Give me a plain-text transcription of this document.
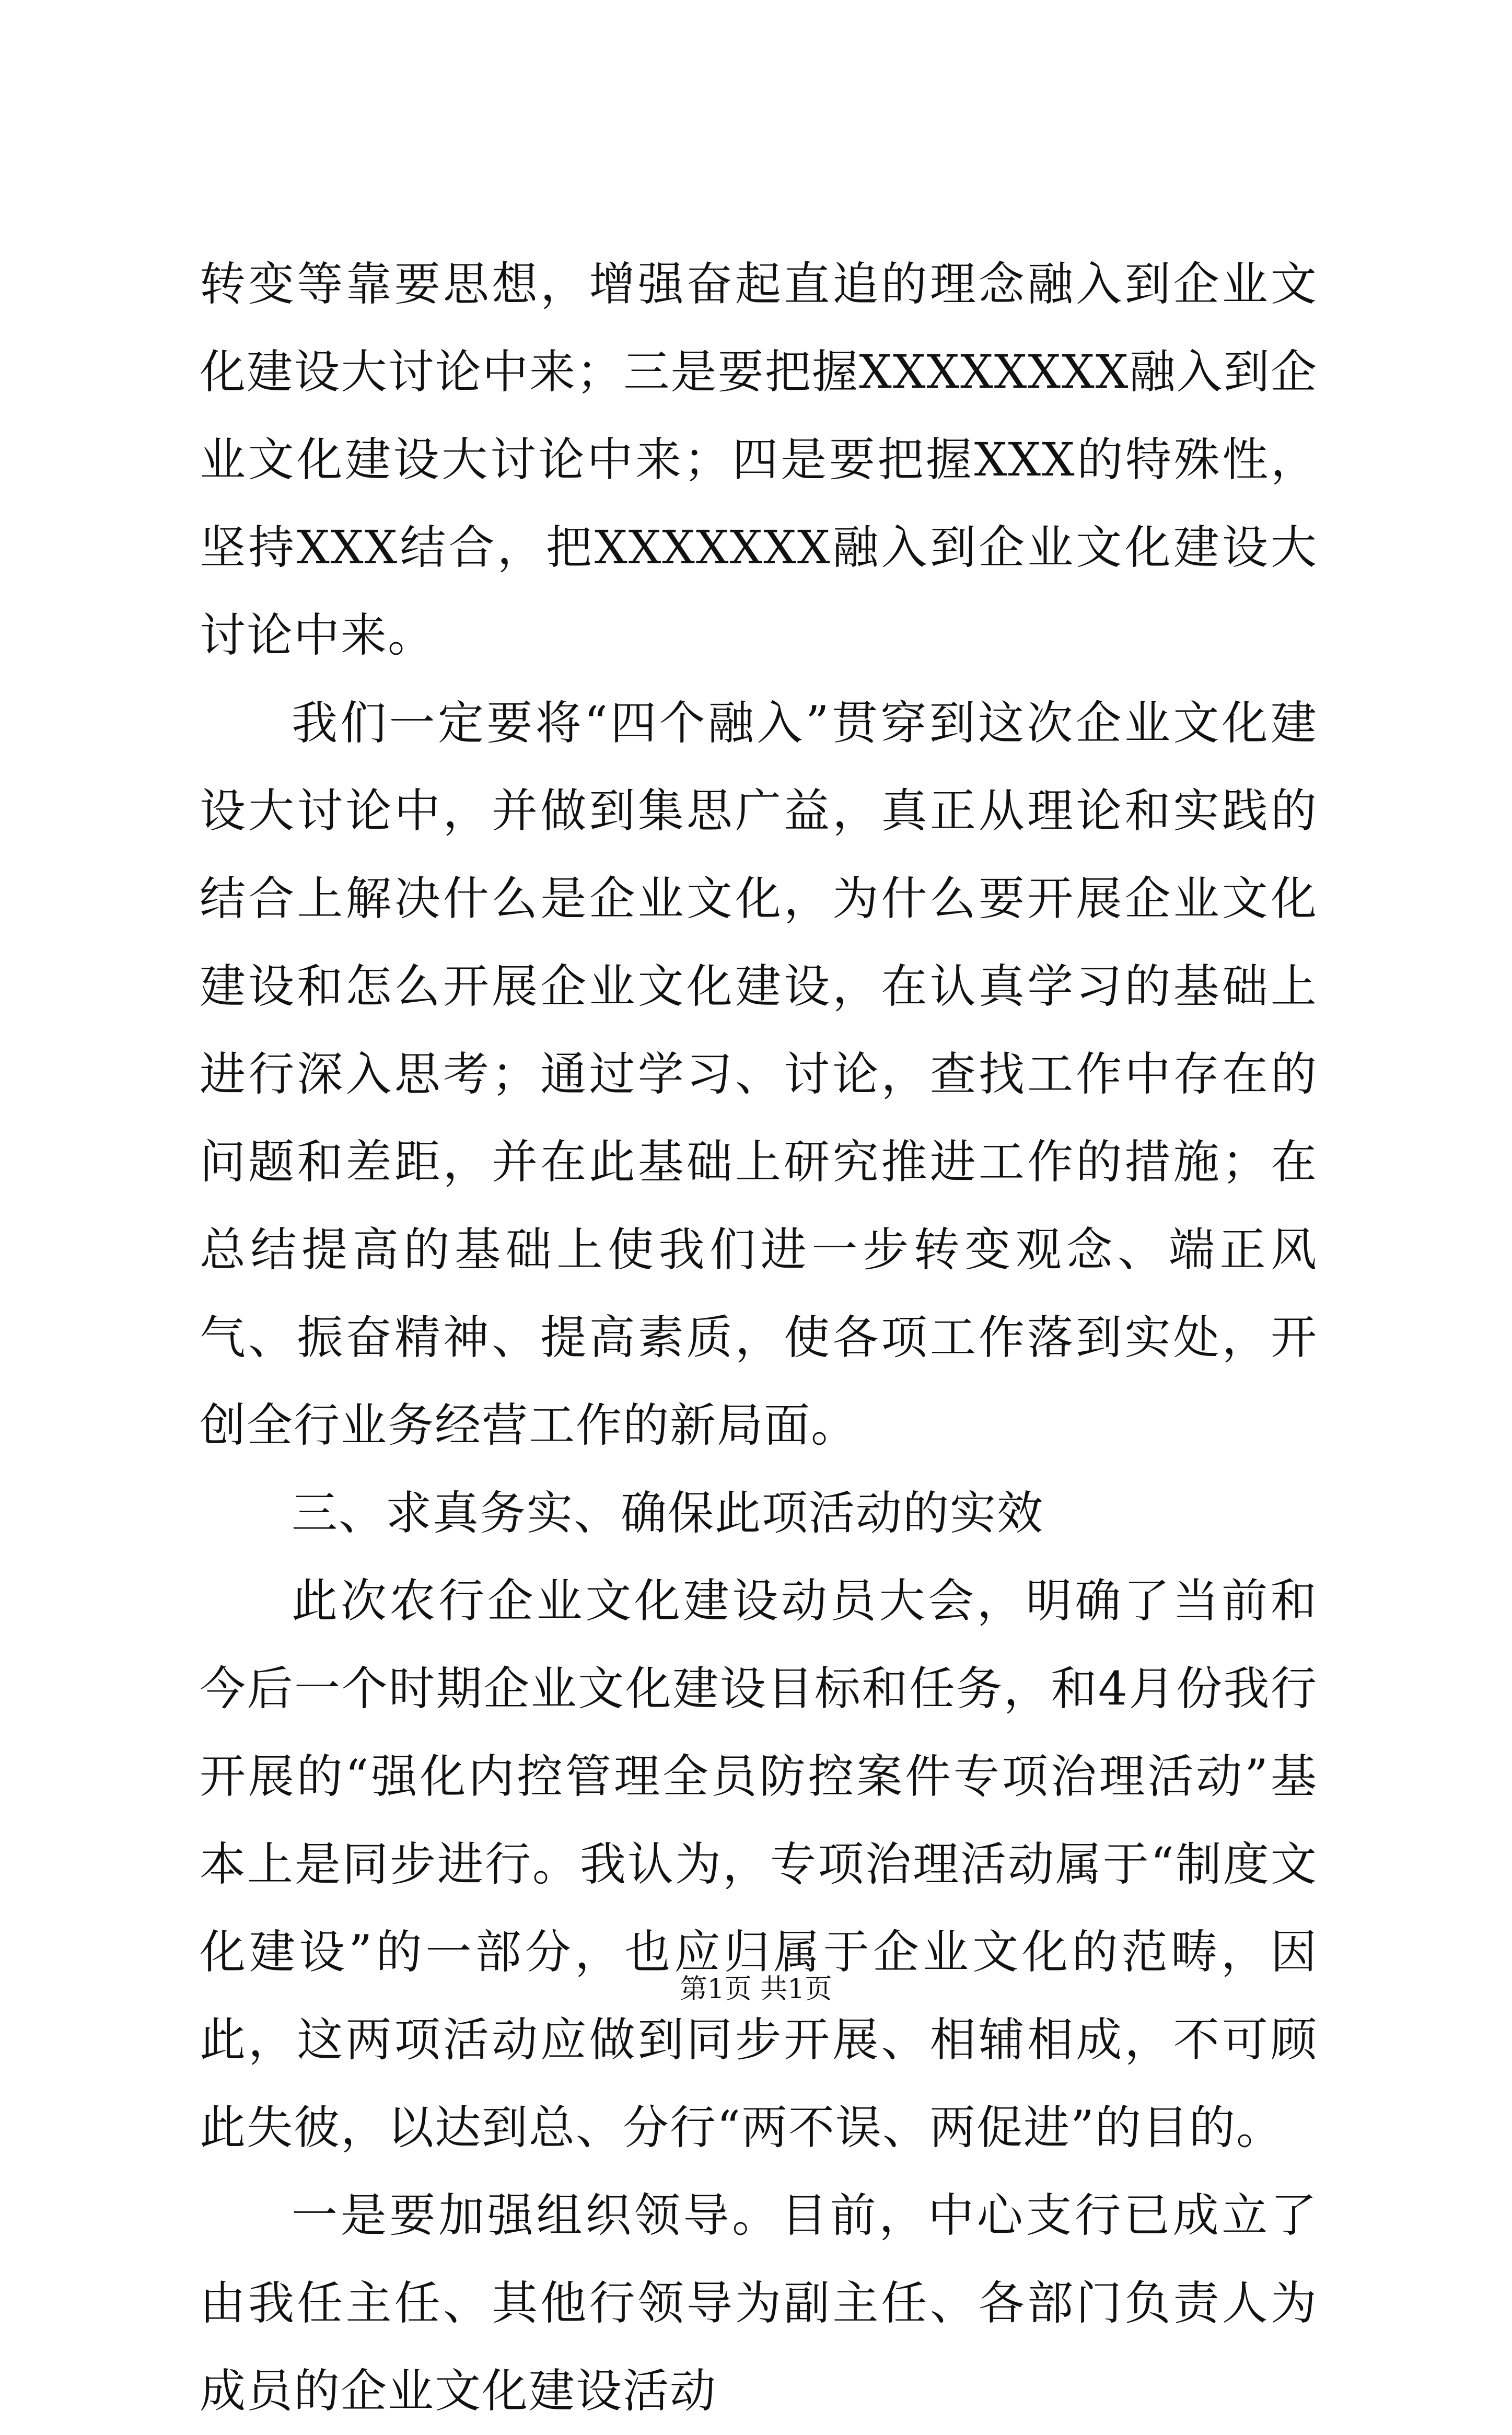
转变等靠要思想，增强奋起直追的理念融入到企业文化建设大讨论中来；三是要把握XXXXXXXX融入到企业文化建设大讨论中来；四是要把握XXX的特殊性，坚持XXX结合，把XXXXXXX融入到企业文化建设大讨论中来。

我们一定要将“四个融入”贯穿到这次企业文化建设大讨论中，并做到集思广益，真正从理论和实践的结合上解决什么是企业文化，为什么要开展企业文化建设和怎么开展企业文化建设，在认真学习的基础上进行深入思考；通过学习、讨论，查找工作中存在的问题和差距，并在此基础上研究推进工作的措施；在总结提高的基础上使我们进一步转变观念、端正风气、振奋精神、提高素质，使各项工作落到实处，开创全行业务经营工作的新局面。

三、求真务实、确保此项活动的实效

此次农行企业文化建设动员大会，明确了当前和今后一个时期企业文化建设目标和任务，和4月份我行开展的“强化内控管理全员防控案件专项治理活动”基本上是同步进行。我认为，专项治理活动属于“制度文化建设”的一部分，也应归属于企业文化的范畴，因此，这两项活动应做到同步开展、相辅相成，不可顾此失彼，以达到总、分行“两不误、两促进”的目的。

一是要加强组织领导。目前，中心支行已成立了由我任主任、其他行领导为副主任、各部门负责人为成员的企业文化建设活动

第1页 共1页
